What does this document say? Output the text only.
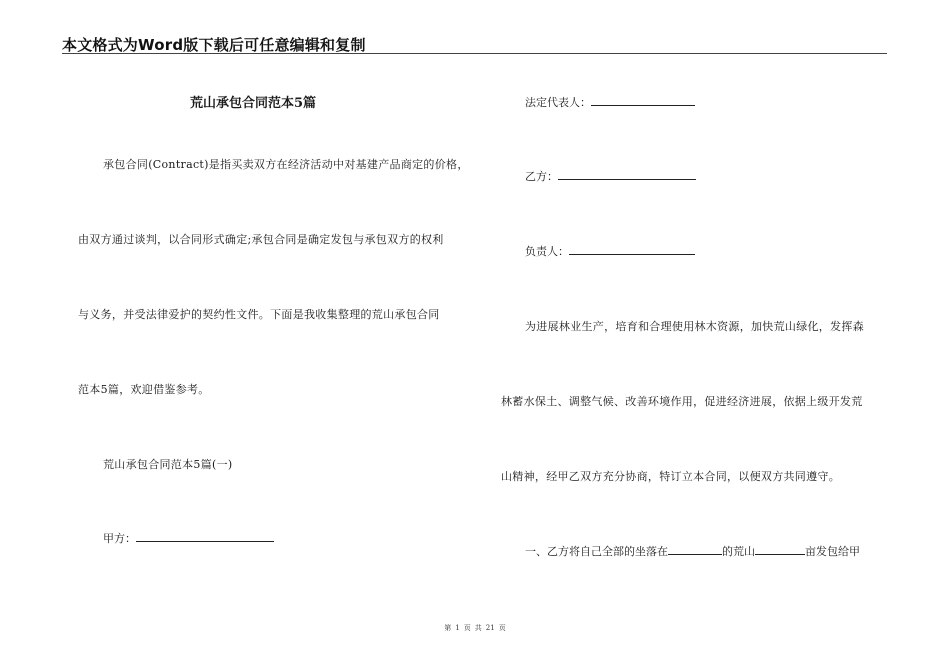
本文格式为Word版下载后可任意编辑和复制
荒山承包合同范本5篇
承包合同(Contract)是指买卖双方在经济活动中对基建产品商定的价格，
由双方通过谈判，以合同形式确定;承包合同是确定发包与承包双方的权利
与义务，并受法律爱护的契约性文件。下面是我收集整理的荒山承包合同
范本5篇，欢迎借鉴参考。
荒山承包合同范本5篇(一)
甲方：
法定代表人：
乙方：
负责人：
为进展林业生产，培育和合理使用林木资源，加快荒山绿化，发挥森
林蓄水保土、调整气候、改善环境作用，促进经济进展，依据上级开发荒
山精神，经甲乙双方充分协商，特订立本合同，以便双方共同遵守。
一、乙方将自己全部的坐落在	的荒山	亩发包给甲
第 1 页 共 21 页
